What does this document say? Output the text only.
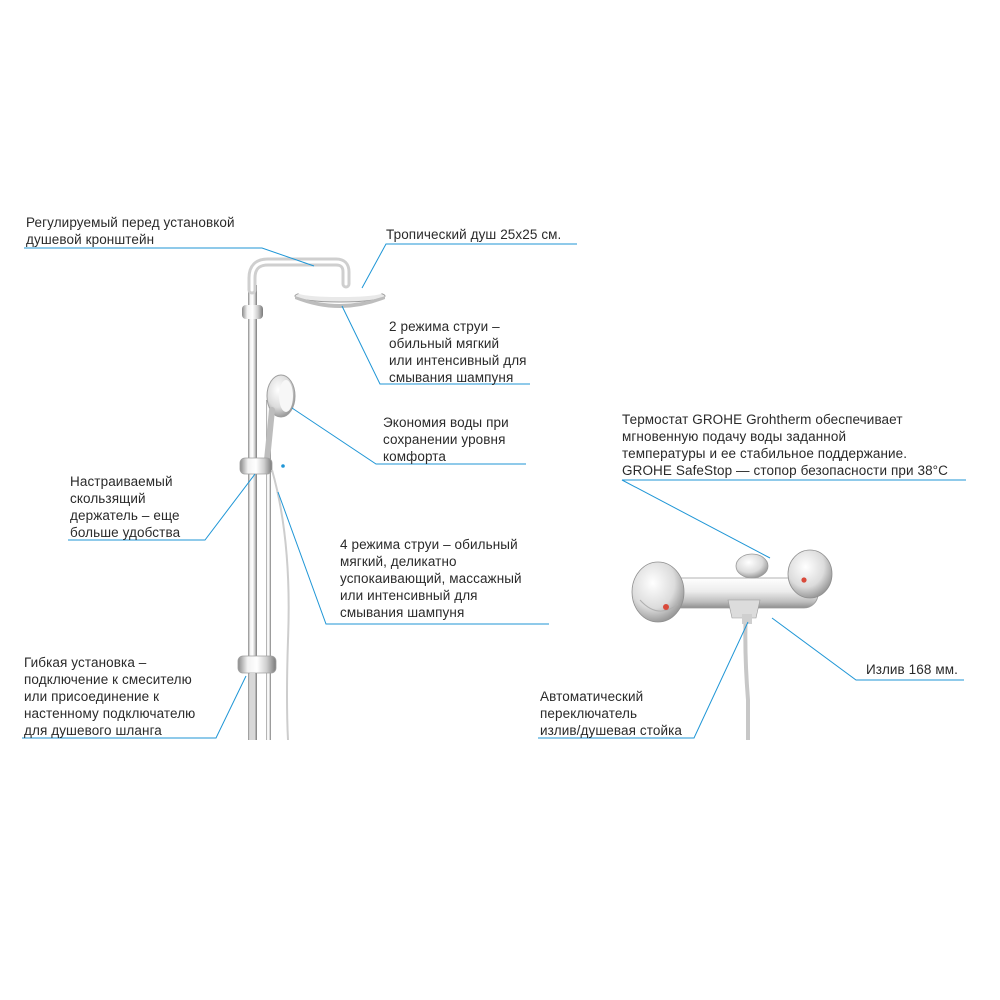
Регулируемый перед установкой
душевой кронштейн	Тропический душ 25х25 см.
2 режима струи –
обильный мягкий
или интенсивный для
смывания шампуня
Экономия воды при
сохранении уровня
комфорта
Настраиваемый
скользящий
держатель – еще
больше удобства
4 режима струи – обильный
мягкий, деликатно
успокаивающий, массажный
или интенсивный для
смывания шампуня
Гибкая установка –
подключение к смесителю
или присоединение к
настенному подключателю
для душевого шланга
Термостат GROHE Grohtherm обеспечивает
мгновенную подачу воды заданной
температуры и ее стабильное поддержание.
GROHE SafeStop — стопор безопасности при 38°С
Излив 168 мм.
Автоматический
переключатель
излив/душевая стойка
